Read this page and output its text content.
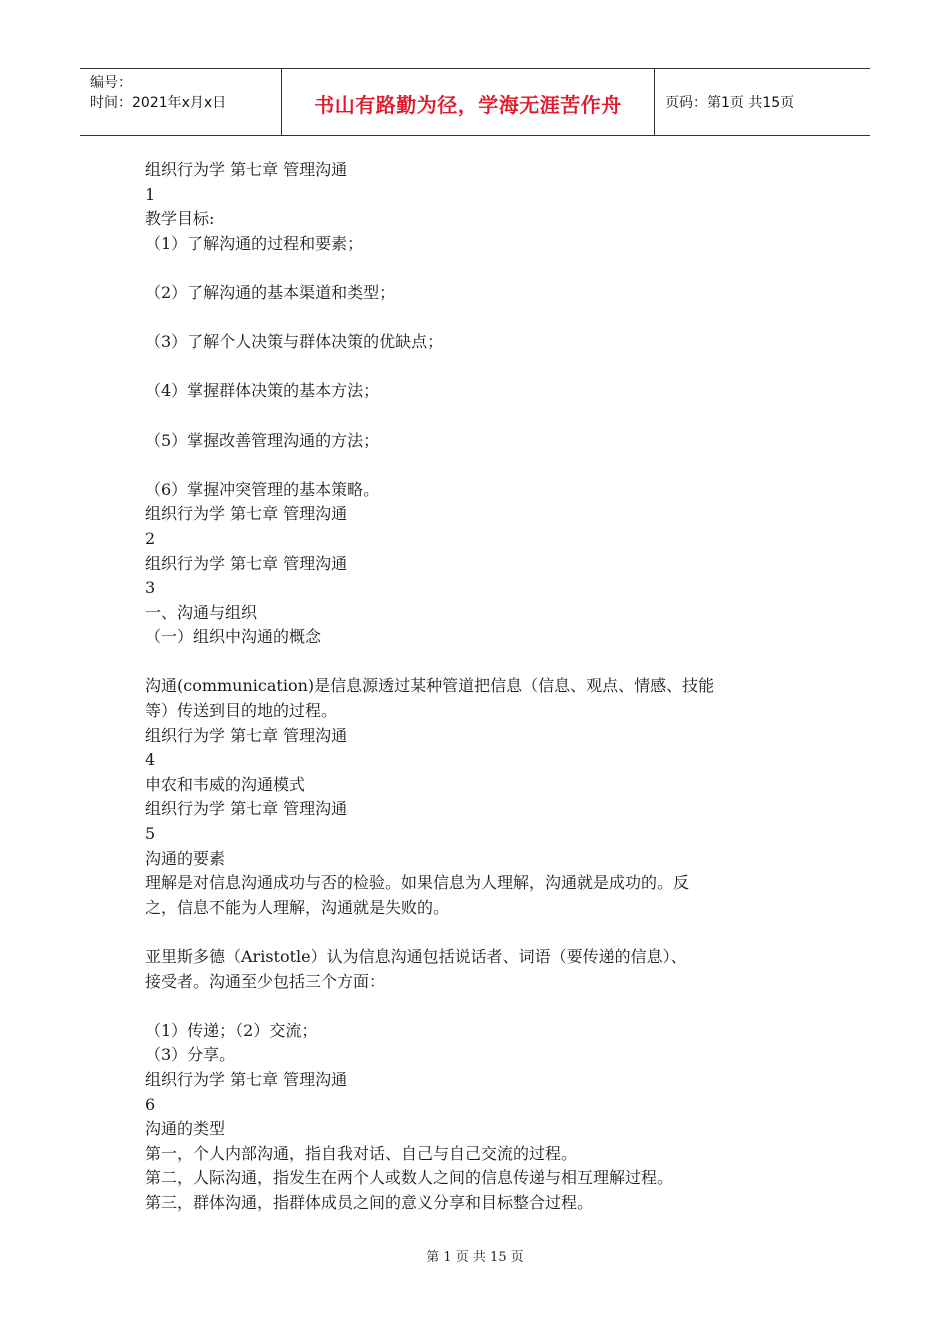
编号：
时间：2021年x月x日	书山有路勤为径，学海无涯苦作舟	页码：第1页 共15页
组织行为学 第七章 管理沟通
1
教学目标:
（1）了解沟通的过程和要素；
（2）了解沟通的基本渠道和类型；
（3）了解个人决策与群体决策的优缺点；
（4）掌握群体决策的基本方法；
（5）掌握改善管理沟通的方法；
（6）掌握冲突管理的基本策略。
组织行为学 第七章 管理沟通
2
组织行为学 第七章 管理沟通
3
一、沟通与组织
（一）组织中沟通的概念
沟通(communication)是信息源透过某种管道把信息（信息、观点、情感、技能
等）传送到目的地的过程。
组织行为学 第七章 管理沟通
4
申农和韦威的沟通模式
组织行为学 第七章 管理沟通
5
沟通的要素
理解是对信息沟通成功与否的检验。如果信息为人理解，沟通就是成功的。反
之，信息不能为人理解，沟通就是失败的。
亚里斯多德（Aristotle）认为信息沟通包括说话者、词语（要传递的信息）、
接受者。沟通至少包括三个方面：
（1）传递；（2）交流；
（3）分享。
组织行为学 第七章 管理沟通
6
沟通的类型
第一，个人内部沟通，指自我对话、自己与自己交流的过程。
第二，人际沟通，指发生在两个人或数人之间的信息传递与相互理解过程。
第三，群体沟通，指群体成员之间的意义分享和目标整合过程。
第 1 页 共 15 页
